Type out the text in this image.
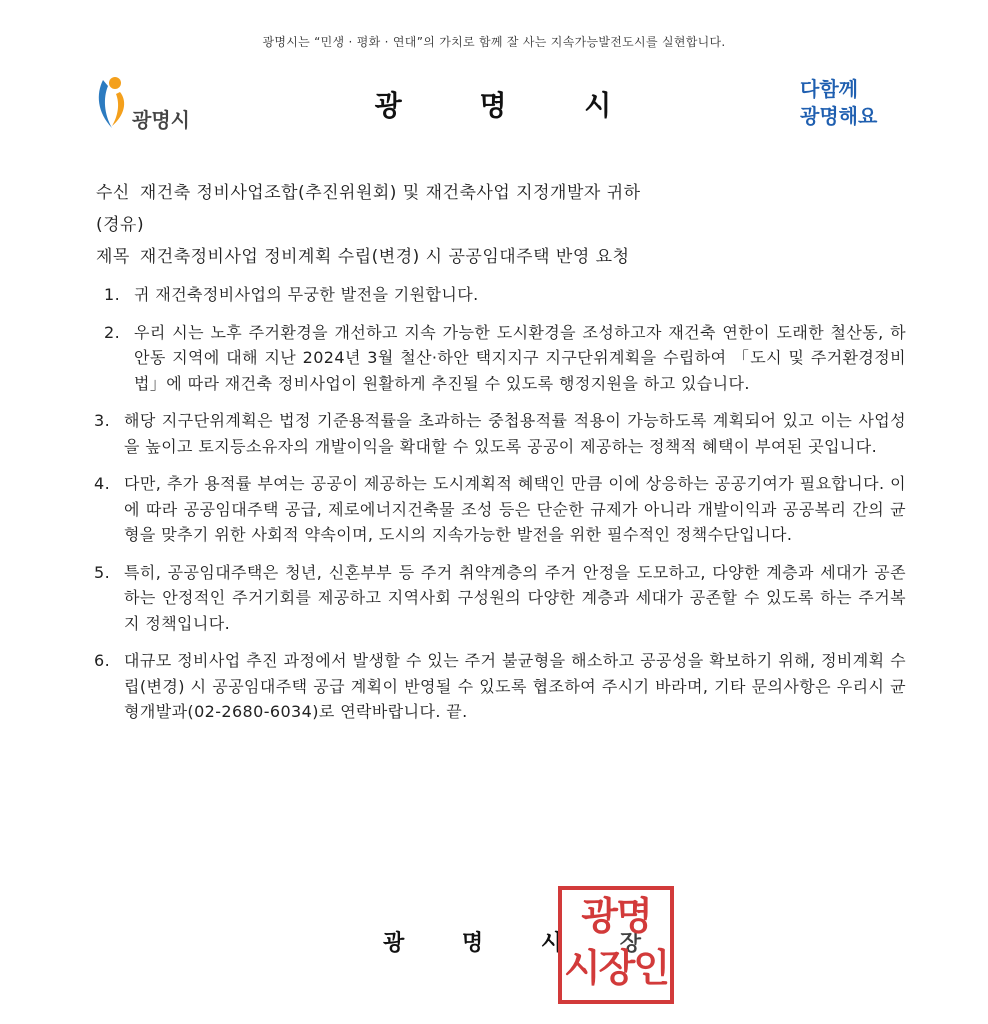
광명시는 “민생 · 평화 · 연대”의 가치로 함께 잘 사는 지속가능발전도시를 실현합니다.
광명시	광 명 시	다함께
광명해요
수신 재건축 정비사업조합(추진위원회) 및 재건축사업 지정개발자 귀하
(경유)
제목 재건축정비사업 정비계획 수립(변경) 시 공공임대주택 반영 요청
1. 귀 재건축정비사업의 무궁한 발전을 기원합니다.
2. 우리 시는 노후 주거환경을 개선하고 지속 가능한 도시환경을 조성하고자 재건축 연한이 도래한 철산동, 하안동 지역에 대해 지난 2024년 3월 철산·하안 택지지구 지구단위계획을 수립하여 「도시 및 주거환경정비법」에 따라 재건축 정비사업이 원활하게 추진될 수 있도록 행정지원을 하고 있습니다.
3. 해당 지구단위계획은 법정 기준용적률을 초과하는 중첩용적률 적용이 가능하도록 계획되어 있고 이는 사업성을 높이고 토지등소유자의 개발이익을 확대할 수 있도록 공공이 제공하는 정책적 혜택이 부여된 곳입니다.
4. 다만, 추가 용적률 부여는 공공이 제공하는 도시계획적 혜택인 만큼 이에 상응하는 공공기여가 필요합니다. 이에 따라 공공임대주택 공급, 제로에너지건축물 조성 등은 단순한 규제가 아니라 개발이익과 공공복리 간의 균형을 맞추기 위한 사회적 약속이며, 도시의 지속가능한 발전을 위한 필수적인 정책수단입니다.
5. 특히, 공공임대주택은 청년, 신혼부부 등 주거 취약계층의 주거 안정을 도모하고, 다양한 계층과 세대가 공존하는 안정적인 주거기회를 제공하고 지역사회 구성원의 다양한 계층과 세대가 공존할 수 있도록 하는 주거복지 정책입니다.
6. 대규모 정비사업 추진 과정에서 발생할 수 있는 주거 불균형을 해소하고 공공성을 확보하기 위해, 정비계획 수립(변경) 시 공공임대주택 공급 계획이 반영될 수 있도록 협조하여 주시기 바라며, 기타 문의사항은 우리시 균형개발과(02-2680-6034)로 연락바랍니다. 끝.
광 명 시 장
광명
시장인
